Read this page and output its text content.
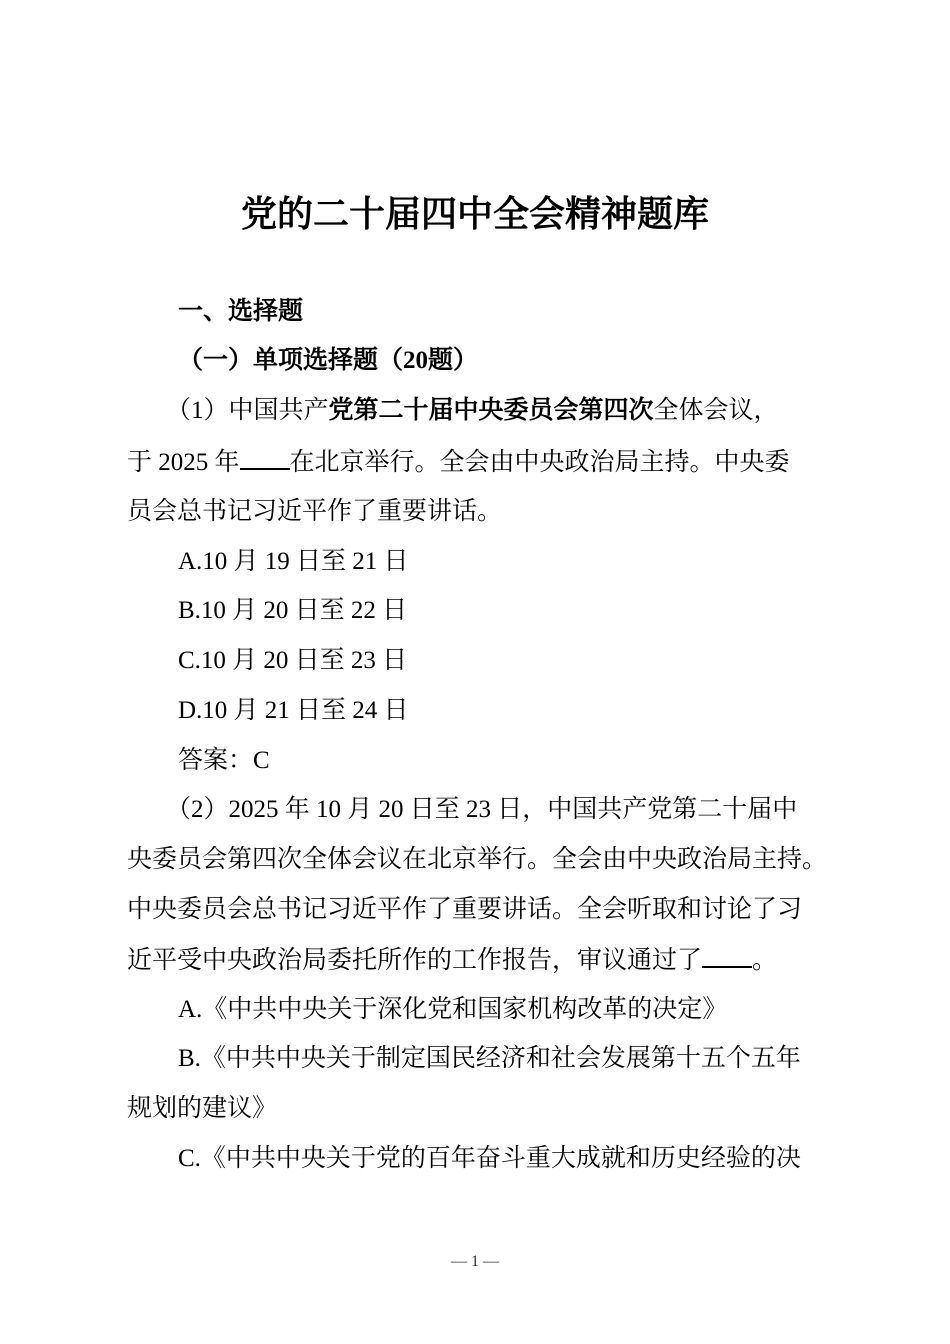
党的二十届四中全会精神题库
一、选择题
（一）单项选择题（20题）
（1）中国共产党第二十届中央委员会第四次全体会议，
于 2025 年 在北京举行。全会由中央政治局主持。中央委
员会总书记习近平作了重要讲话。
A.10 月 19 日至 21 日
B.10 月 20 日至 22 日
C.10 月 20 日至 23 日
D.10 月 21 日至 24 日
答案：C
（2）2025 年 10 月 20 日至 23 日，中国共产党第二十届中
央委员会第四次全体会议在北京举行。全会由中央政治局主持。
中央委员会总书记习近平作了重要讲话。全会听取和讨论了习
近平受中央政治局委托所作的工作报告，审议通过了 。
A.《中共中央关于深化党和国家机构改革的决定》
B.《中共中央关于制定国民经济和社会发展第十五个五年
规划的建议》
C.《中共中央关于党的百年奋斗重大成就和历史经验的决
— 1 —
